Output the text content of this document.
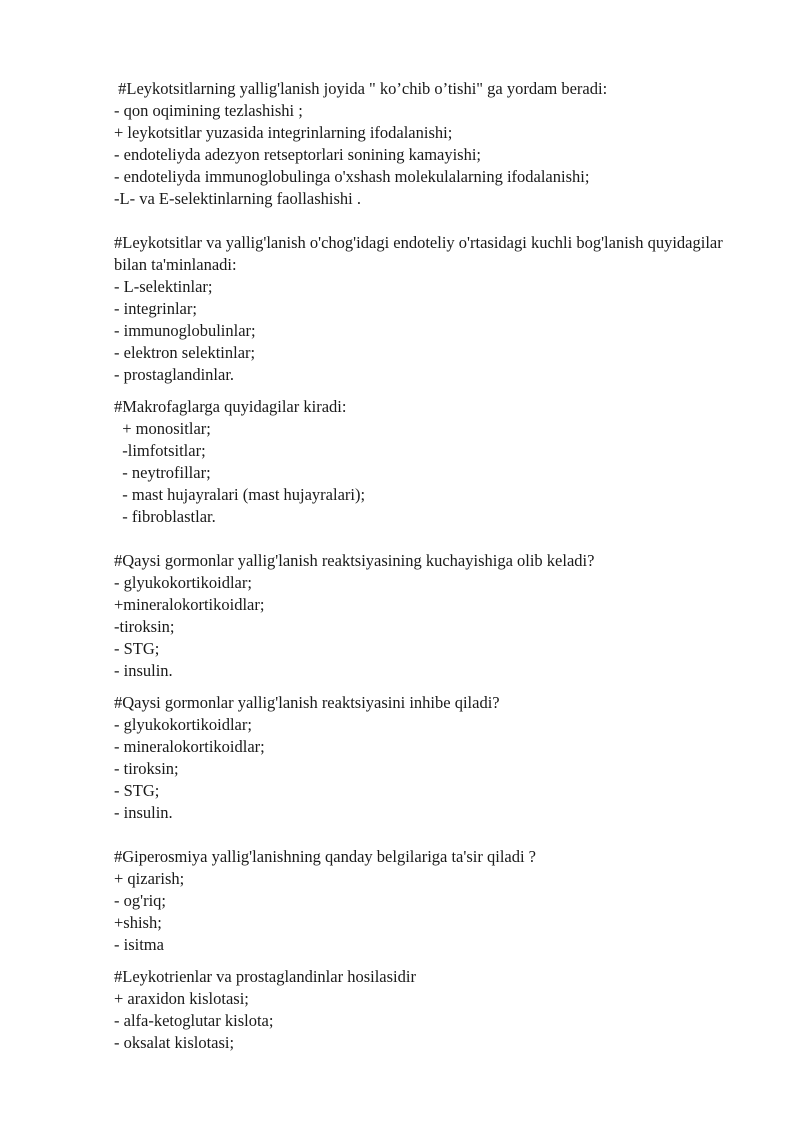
#Leykotsitlarning yallig'lanish joyida " ko’chib o’tishi" ga yordam beradi:

- qon oqimining tezlashishi ;

+ leykotsitlar yuzasida integrinlarning ifodalanishi;

- endoteliyda adezyon retseptorlari sonining kamayishi;

- endoteliyda immunoglobulinga o'xshash molekulalarning ifodalanishi;

-L- va E-selektinlarning faollashishi .

#Leykotsitlar va yallig'lanish o'chog'idagi endoteliy o'rtasidagi kuchli bog'lanish quyidagilar bilan ta'minlanadi:

- L-selektinlar;

- integrinlar;

- immunoglobulinlar;

- elektron selektinlar;

- prostaglandinlar.

#Makrofaglarga quyidagilar kiradi:

+ monositlar;

-limfotsitlar;

- neytrofillar;

- mast hujayralari (mast hujayralari);

- fibroblastlar.

#Qaysi gormonlar yallig'lanish reaktsiyasining kuchayishiga olib keladi?

- glyukokortikoidlar;

+mineralokortikoidlar;

-tiroksin;

- STG;

- insulin.

#Qaysi gormonlar yallig'lanish reaktsiyasini inhibe qiladi?

- glyukokortikoidlar;

- mineralokortikoidlar;

- tiroksin;

- STG;

- insulin.

#Giperosmiya yallig'lanishning qanday belgilariga ta'sir qiladi ?

+ qizarish;

- og'riq;

+shish;

- isitma

#Leykotrienlar va prostaglandinlar hosilasidir

+ araxidon kislotasi;

- alfa-ketoglutar kislota;

- oksalat kislotasi;
